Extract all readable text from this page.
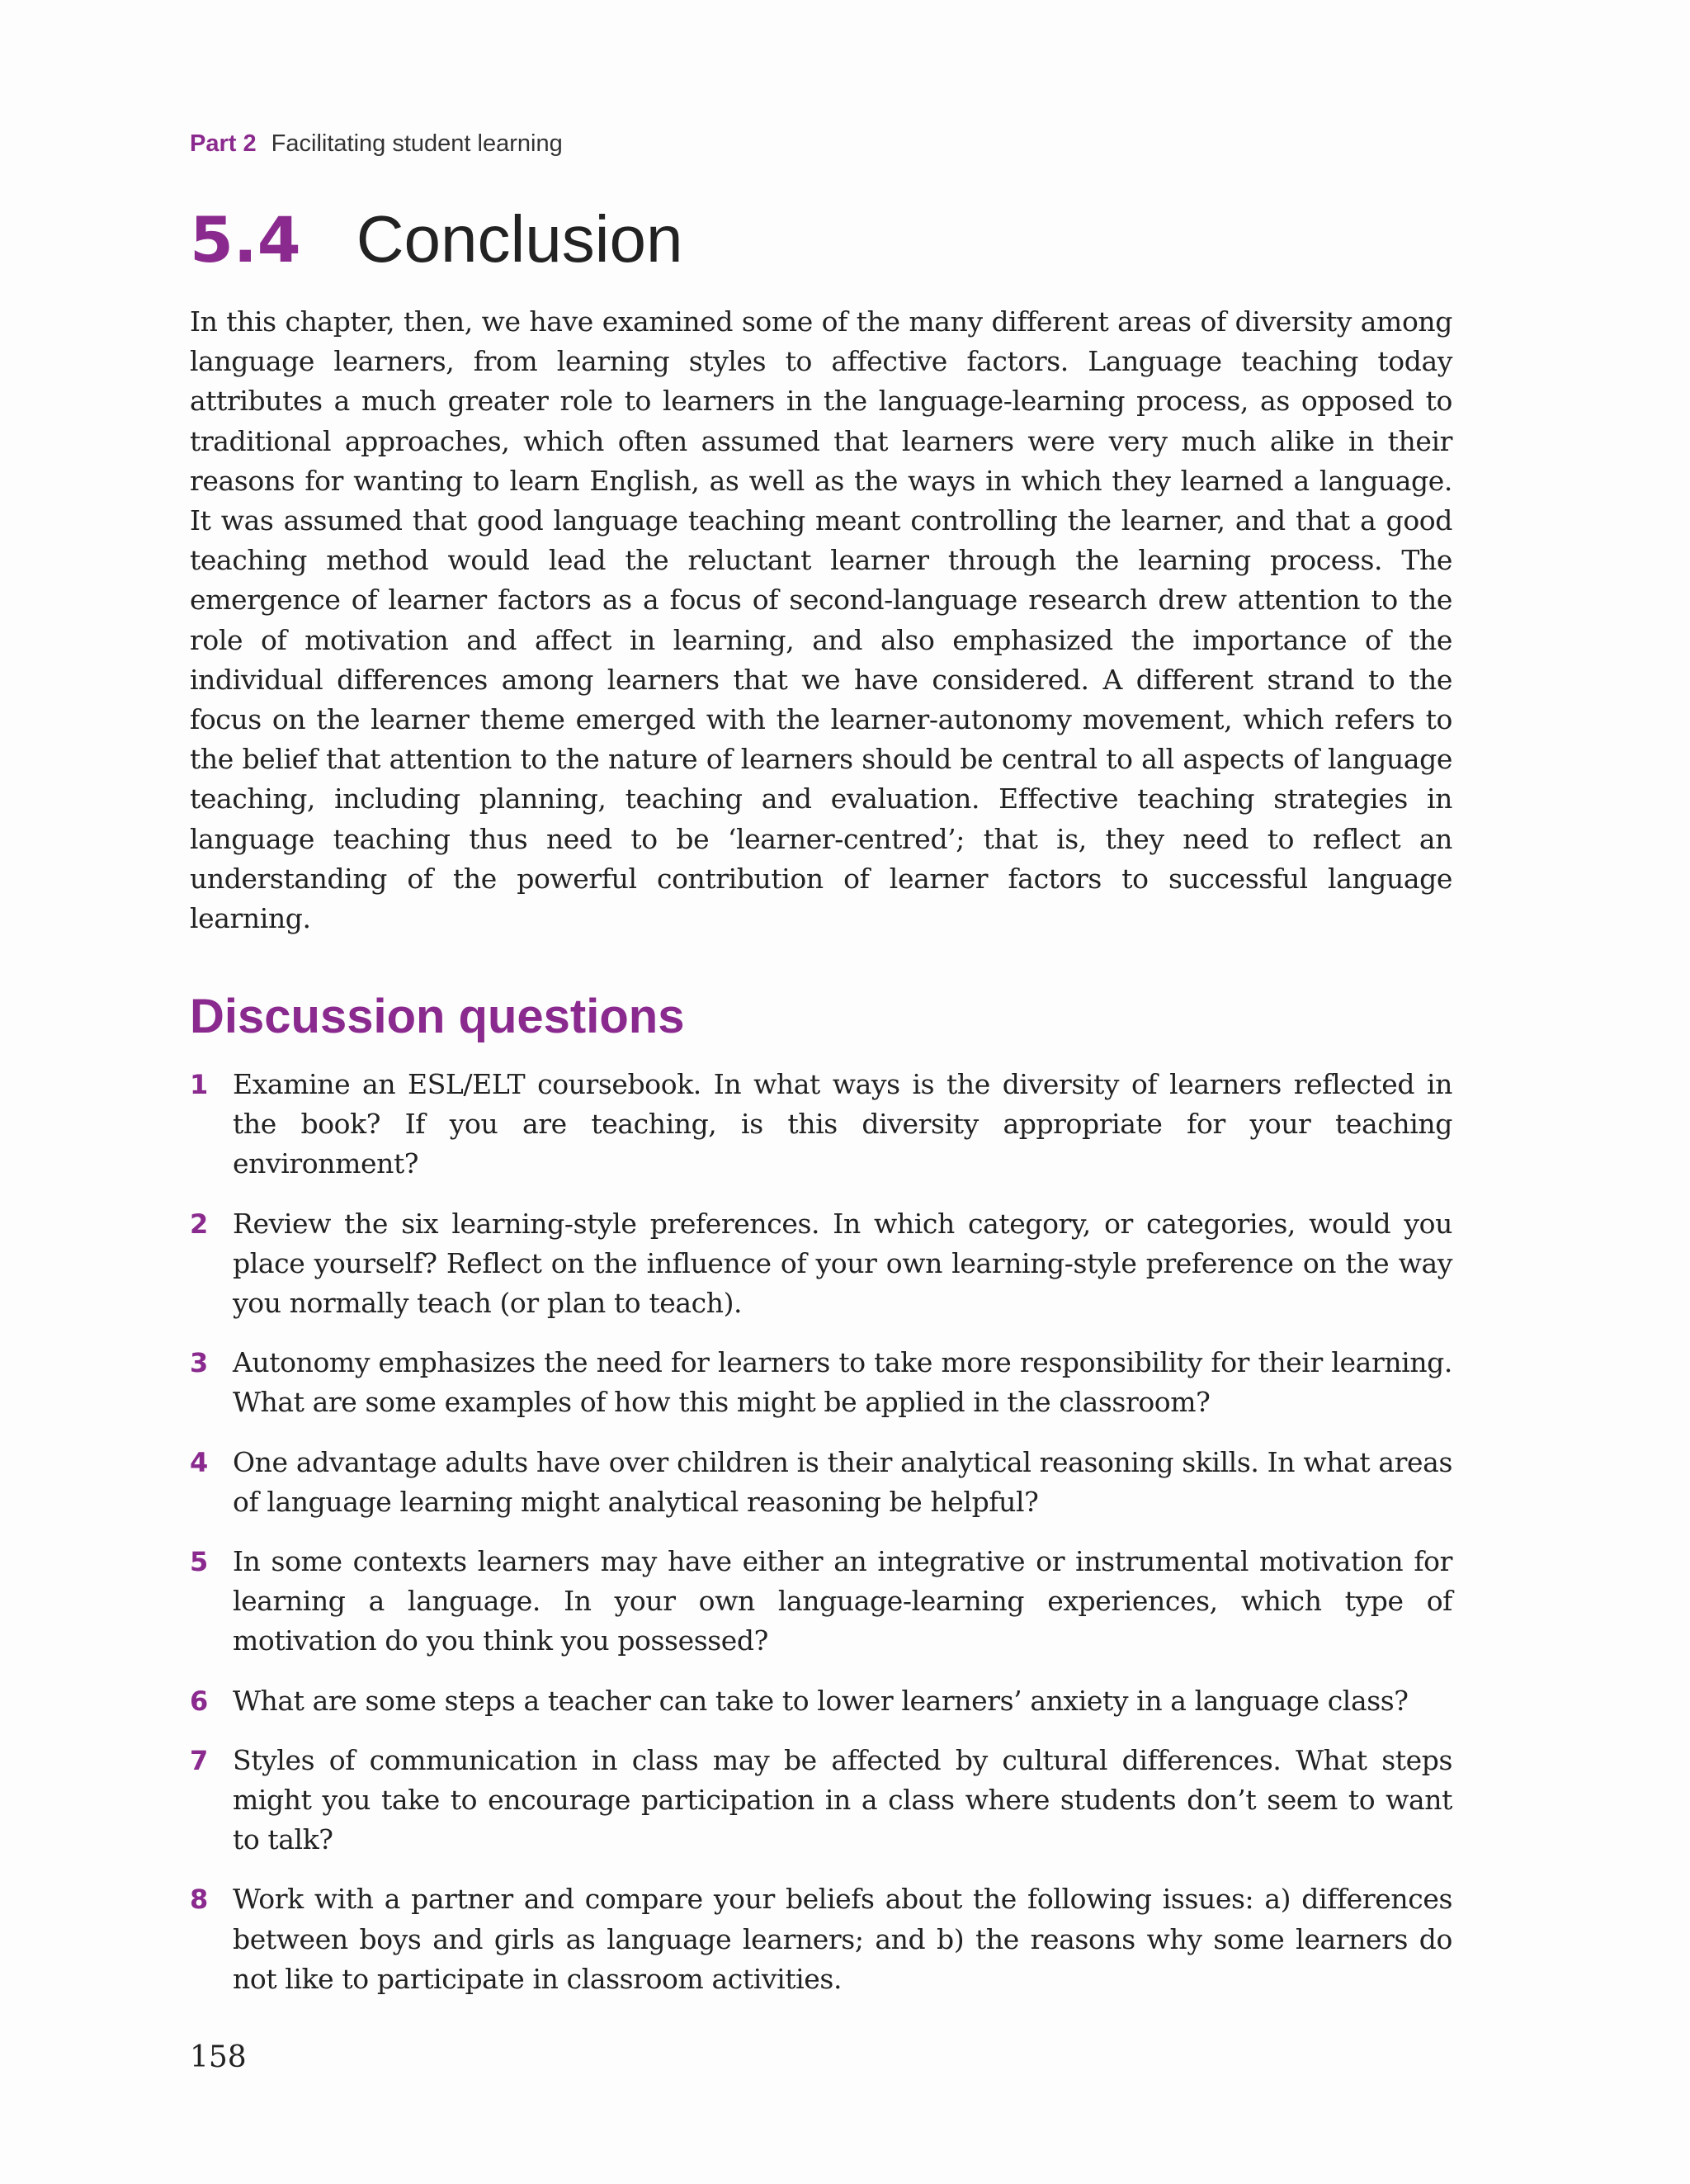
Part 2 Facilitating student learning
5.4 Conclusion

In this chapter, then, we have examined some of the many different areas of diversity among language learners, from learning styles to affective factors. Language teaching today attributes a much greater role to learners in the language-learning process, as opposed to traditional approaches, which often assumed that learners were very much alike in their reasons for wanting to learn English, as well as the ways in which they learned a language. It was assumed that good language teaching meant controlling the learner, and that a good teaching method would lead the reluctant learner through the learning process. The emergence of learner factors as a focus of second-language research drew attention to the role of motivation and affect in learning, and also emphasized the importance of the individual differences among learners that we have considered. A different strand to the focus on the learner theme emerged with the learner-autonomy movement, which refers to the belief that attention to the nature of learners should be central to all aspects of language teaching, including planning, teaching and evaluation. Effective teaching strategies in language teaching thus need to be ‘learner-centred’; that is, they need to reflect an understanding of the powerful contribution of learner factors to successful language learning.

Discussion questions
1 Examine an ESL/ELT coursebook. In what ways is the diversity of learners reflected in the book? If you are teaching, is this diversity appropriate for your teaching environment?
2 Review the six learning-style preferences. In which category, or categories, would you place yourself? Reflect on the influence of your own learning-style preference on the way you normally teach (or plan to teach).
3 Autonomy emphasizes the need for learners to take more responsibility for their learning. What are some examples of how this might be applied in the classroom?
4 One advantage adults have over children is their analytical reasoning skills. In what areas of language learning might analytical reasoning be helpful?
5 In some contexts learners may have either an integrative or instrumental motivation for learning a language. In your own language-learning experiences, which type of motivation do you think you possessed?
6 What are some steps a teacher can take to lower learners’ anxiety in a language class?
7 Styles of communication in class may be affected by cultural differences. What steps might you take to encourage participation in a class where students don’t seem to want to talk?
8 Work with a partner and compare your beliefs about the following issues: a) differences between boys and girls as language learners; and b) the reasons why some learners do not like to participate in classroom activities.
158
